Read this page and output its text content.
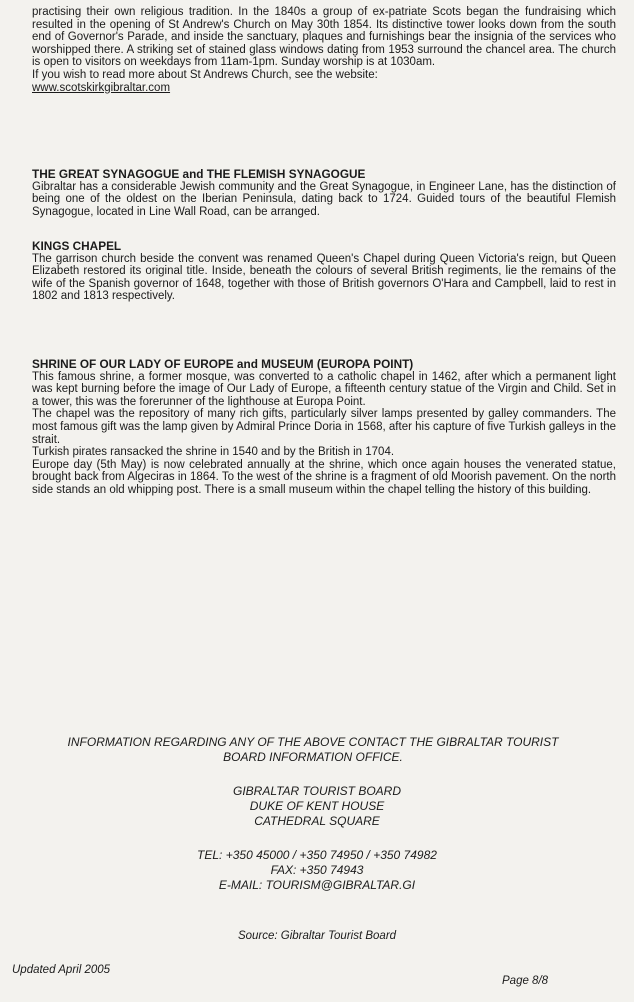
practising their own religious tradition. In the 1840s a group of ex-patriate Scots began the fundraising which resulted in the opening of St Andrew's Church on May 30th 1854. Its distinctive tower looks down from the south end of Governor's Parade, and inside the sanctuary, plaques and furnishings bear the insignia of the services who worshipped there. A striking set of stained glass windows dating from 1953 surround the chancel area. The church is open to visitors on weekdays from 11am-1pm. Sunday worship is at 1030am.

If you wish to read more about St Andrews Church, see the website:

www.scotskirkgibraltar.com

THE GREAT SYNAGOGUE and THE FLEMISH SYNAGOGUE

Gibraltar has a considerable Jewish community and the Great Synagogue, in Engineer Lane, has the distinction of being one of the oldest on the Iberian Peninsula, dating back to 1724. Guided tours of the beautiful Flemish Synagogue, located in Line Wall Road, can be arranged.

KINGS CHAPEL

The garrison church beside the convent was renamed Queen's Chapel during Queen Victoria's reign, but Queen Elizabeth restored its original title. Inside, beneath the colours of several British regiments, lie the remains of the wife of the Spanish governor of 1648, together with those of British governors O'Hara and Campbell, laid to rest in 1802 and 1813 respectively.

SHRINE OF OUR LADY OF EUROPE and MUSEUM (EUROPA POINT)

This famous shrine, a former mosque, was converted to a catholic chapel in 1462, after which a permanent light was kept burning before the image of Our Lady of Europe, a fifteenth century statue of the Virgin and Child. Set in a tower, this was the forerunner of the lighthouse at Europa Point.

The chapel was the repository of many rich gifts, particularly silver lamps presented by galley commanders. The most famous gift was the lamp given by Admiral Prince Doria in 1568, after his capture of five Turkish galleys in the strait.

Turkish pirates ransacked the shrine in 1540 and by the British in 1704.

Europe day (5th May) is now celebrated annually at the shrine, which once again houses the venerated statue, brought back from Algeciras in 1864. To the west of the shrine is a fragment of old Moorish pavement. On the north side stands an old whipping post. There is a small museum within the chapel telling the history of this building.

INFORMATION REGARDING ANY OF THE ABOVE CONTACT THE GIBRALTAR TOURIST
BOARD INFORMATION OFFICE.
GIBRALTAR TOURIST BOARD
DUKE OF KENT HOUSE
CATHEDRAL SQUARE
TEL: +350 45000 / +350 74950 / +350 74982
FAX: +350 74943
E-MAIL: TOURISM@GIBRALTAR.GI
Source: Gibraltar Tourist Board
Updated April 2005
Page 8/8
